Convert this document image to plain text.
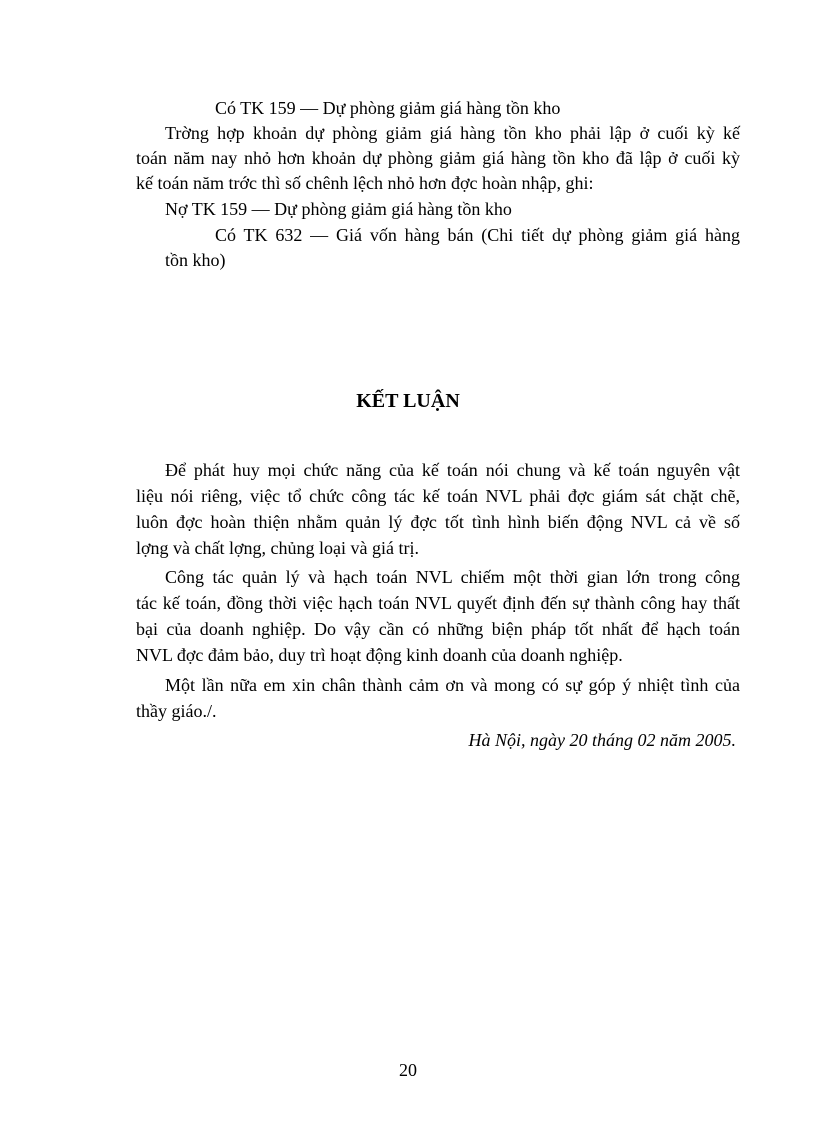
Có TK 159 — Dự phòng giảm giá hàng tồn kho
Trờng hợp khoản dự phòng giảm giá hàng tồn kho phải lập ở cuối kỳ kế
toán năm nay nhỏ hơn khoản dự phòng giảm giá hàng tồn kho đã lập ở cuối kỳ
kế toán năm trớc thì số chênh lệch nhỏ hơn đợc hoàn nhập, ghi:
Nợ TK 159 — Dự phòng giảm giá hàng tồn kho
Có TK 632 — Giá vốn hàng bán (Chi tiết dự phòng giảm giá hàng
tồn kho)
KẾT LUẬN
Để phát huy mọi chức năng của kế toán nói chung và kế toán nguyên vật
liệu nói riêng, việc tổ chức công tác kế toán NVL phải đợc giám sát chặt chẽ,
luôn đợc hoàn thiện nhằm quản lý đợc tốt tình hình biến động NVL cả về số
lợng và chất lợng, chủng loại và giá trị.
Công tác quản lý và hạch toán NVL chiếm một thời gian lớn trong công
tác kế toán, đồng thời việc hạch toán NVL quyết định đến sự thành công hay thất
bại của doanh nghiệp. Do vậy cần có những biện pháp tốt nhất để hạch toán
NVL đợc đảm bảo, duy trì hoạt động kinh doanh của doanh nghiệp.
Một lần nữa em xin chân thành cảm ơn và mong có sự góp ý nhiệt tình của
thầy giáo./.
Hà Nội, ngày 20 tháng 02 năm 2005.
20
